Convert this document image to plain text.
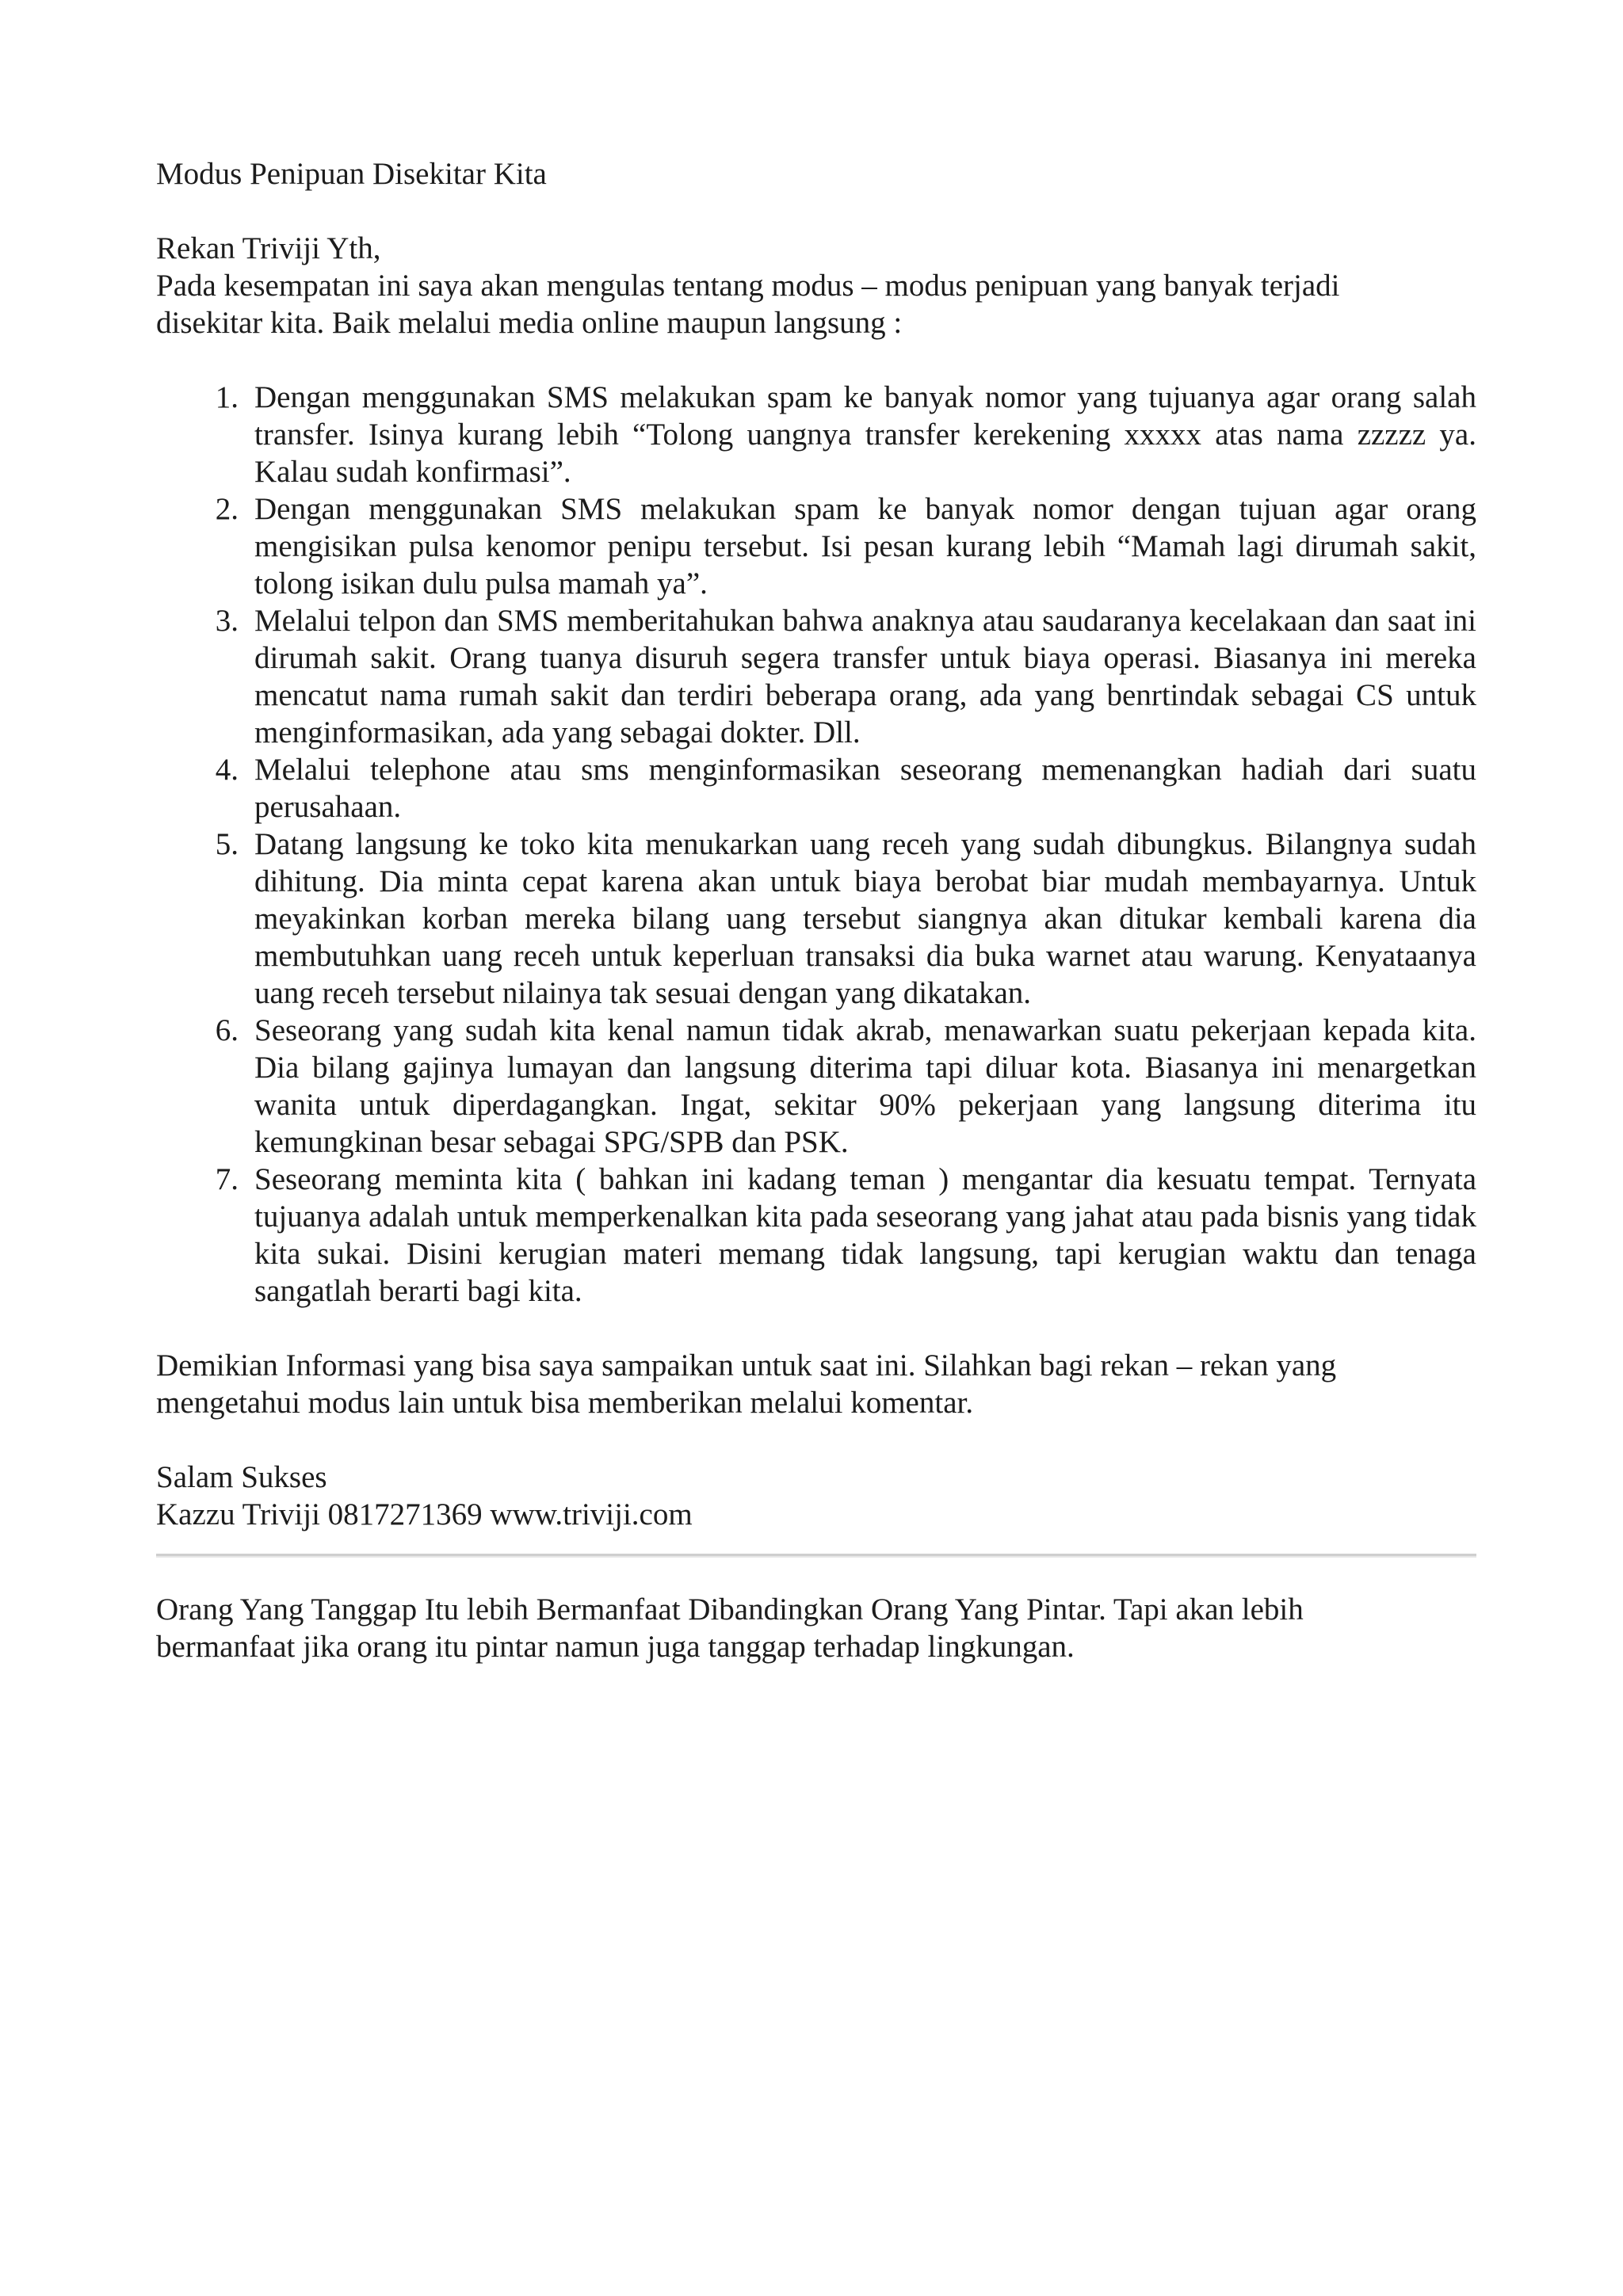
Modus Penipuan Disekitar Kita

Rekan Triviji Yth,

Pada kesempatan ini saya akan mengulas tentang modus – modus penipuan yang banyak terjadi disekitar kita. Baik melalui media online maupun langsung :

1. Dengan menggunakan SMS melakukan spam ke banyak nomor yang tujuanya agar orang salah transfer. Isinya kurang lebih “Tolong uangnya transfer kerekening xxxxx atas nama zzzzz ya. Kalau sudah konfirmasi”.
2. Dengan menggunakan SMS melakukan spam ke banyak nomor dengan tujuan agar orang mengisikan pulsa kenomor penipu tersebut. Isi pesan kurang lebih “Mamah lagi dirumah sakit, tolong isikan dulu pulsa mamah ya”.
3. Melalui telpon dan SMS memberitahukan bahwa anaknya atau saudaranya kecelakaan dan saat ini dirumah sakit. Orang tuanya disuruh segera transfer untuk biaya operasi. Biasanya ini mereka mencatut nama rumah sakit dan terdiri beberapa orang, ada yang benrtindak sebagai CS untuk menginformasikan, ada yang sebagai dokter. Dll.
4. Melalui telephone atau sms menginformasikan seseorang memenangkan hadiah dari suatu perusahaan.
5. Datang langsung ke toko kita menukarkan uang receh yang sudah dibungkus. Bilangnya sudah dihitung. Dia minta cepat karena akan untuk biaya berobat biar mudah membayarnya. Untuk meyakinkan korban mereka bilang uang tersebut siangnya akan ditukar kembali karena dia membutuhkan uang receh untuk keperluan transaksi dia buka warnet atau warung. Kenyataanya uang receh tersebut nilainya tak sesuai dengan yang dikatakan.
6. Seseorang yang sudah kita kenal namun tidak akrab, menawarkan suatu pekerjaan kepada kita. Dia bilang gajinya lumayan dan langsung diterima tapi diluar kota. Biasanya ini menargetkan wanita untuk diperdagangkan. Ingat, sekitar 90% pekerjaan yang langsung diterima itu kemungkinan besar sebagai SPG/SPB dan PSK.
7. Seseorang meminta kita ( bahkan ini kadang teman ) mengantar dia kesuatu tempat. Ternyata tujuanya adalah untuk memperkenalkan kita pada seseorang yang jahat atau pada bisnis yang tidak kita sukai. Disini kerugian materi memang tidak langsung, tapi kerugian waktu dan tenaga sangatlah berarti bagi kita.

Demikian Informasi yang bisa saya sampaikan untuk saat ini. Silahkan bagi rekan – rekan yang mengetahui modus lain untuk bisa memberikan melalui komentar.

Salam Sukses

Kazzu Triviji 0817271369 www.triviji.com

Orang Yang Tanggap Itu lebih Bermanfaat Dibandingkan Orang Yang Pintar. Tapi akan lebih bermanfaat jika orang itu pintar namun juga tanggap terhadap lingkungan.
